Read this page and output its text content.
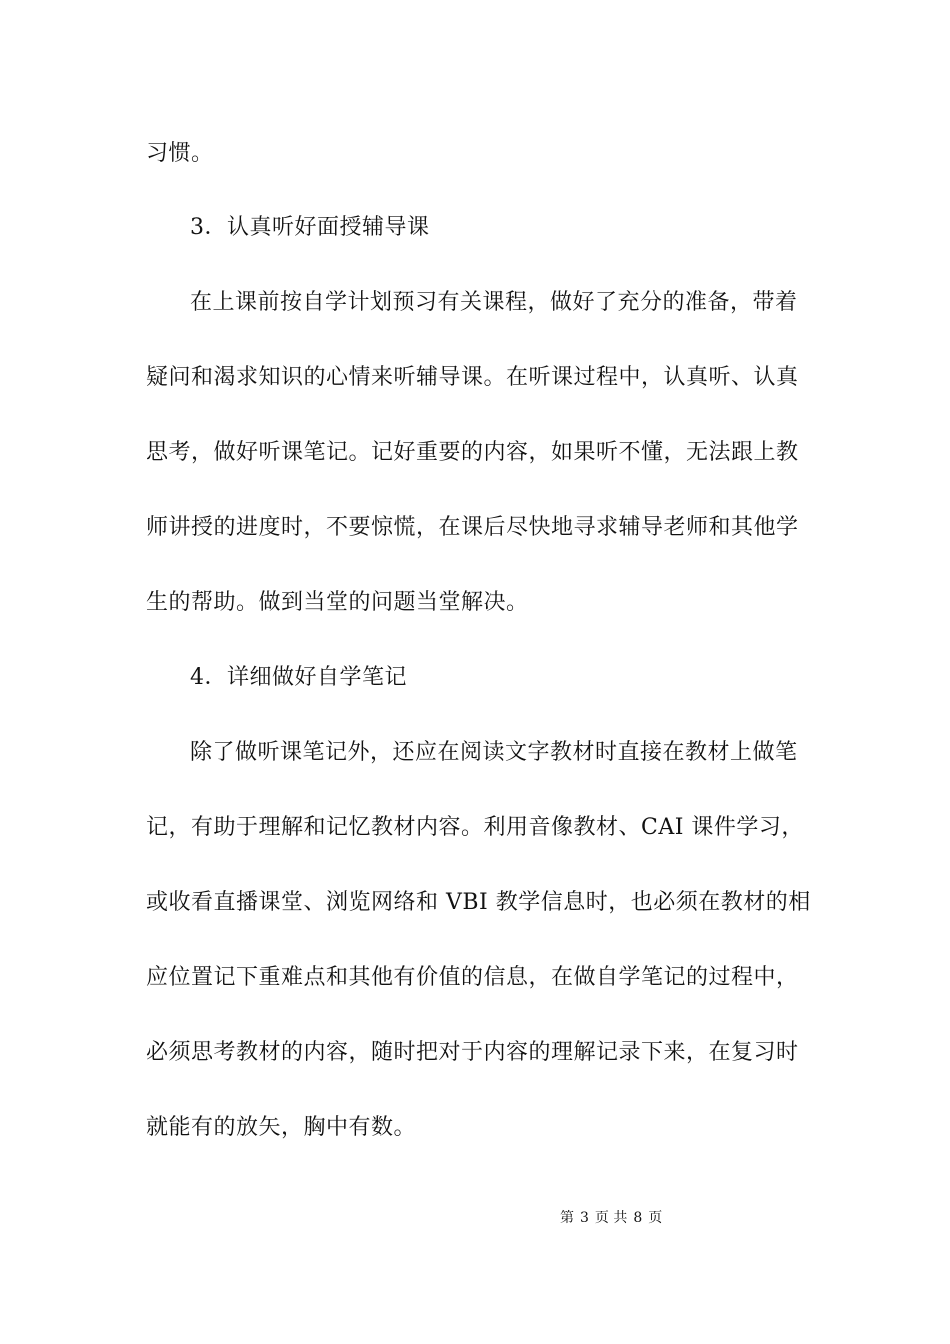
习惯。
3．认真听好面授辅导课
在上课前按自学计划预习有关课程，做好了充分的准备，带着
疑问和渴求知识的心情来听辅导课。在听课过程中，认真听、认真
思考，做好听课笔记。记好重要的内容，如果听不懂，无法跟上教
师讲授的进度时，不要惊慌，在课后尽快地寻求辅导老师和其他学
生的帮助。做到当堂的问题当堂解决。
4．详细做好自学笔记
除了做听课笔记外，还应在阅读文字教材时直接在教材上做笔
记，有助于理解和记忆教材内容。利用音像教材、CAI 课件学习，
或收看直播课堂、浏览网络和 VBI 教学信息时，也必须在教材的相
应位置记下重难点和其他有价值的信息，在做自学笔记的过程中，
必须思考教材的内容，随时把对于内容的理解记录下来，在复习时
就能有的放矢，胸中有数。
第 3 页 共 8 页
